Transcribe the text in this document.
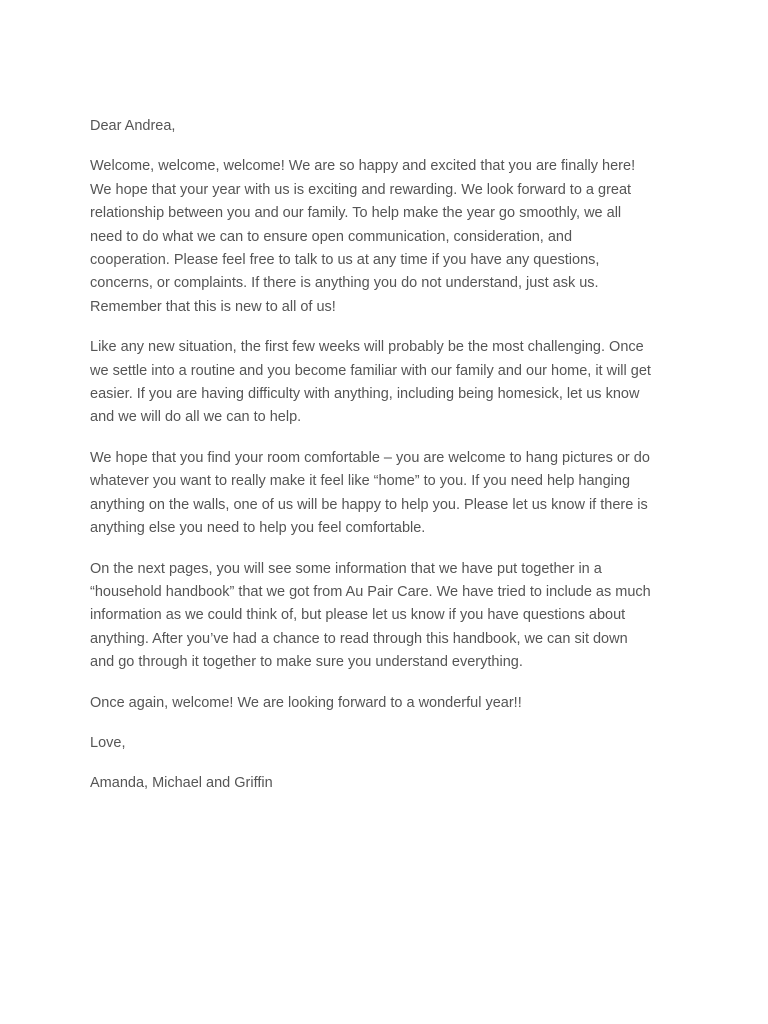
Dear Andrea,

Welcome, welcome, welcome! We are so happy and excited that you are finally here!
We hope that your year with us is exciting and rewarding. We look forward to a great
relationship between you and our family. To help make the year go smoothly, we all
need to do what we can to ensure open communication, consideration, and
cooperation. Please feel free to talk to us at any time if you have any questions,
concerns, or complaints. If there is anything you do not understand, just ask us.
Remember that this is new to all of us!

Like any new situation, the first few weeks will probably be the most challenging. Once
we settle into a routine and you become familiar with our family and our home, it will get
easier. If you are having difficulty with anything, including being homesick, let us know
and we will do all we can to help.

We hope that you find your room comfortable – you are welcome to hang pictures or do
whatever you want to really make it feel like “home” to you. If you need help hanging
anything on the walls, one of us will be happy to help you. Please let us know if there is
anything else you need to help you feel comfortable.

On the next pages, you will see some information that we have put together in a
“household handbook” that we got from Au Pair Care. We have tried to include as much
information as we could think of, but please let us know if you have questions about
anything. After you’ve had a chance to read through this handbook, we can sit down
and go through it together to make sure you understand everything.

Once again, welcome! We are looking forward to a wonderful year!!

Love,

Amanda, Michael and Griffin
